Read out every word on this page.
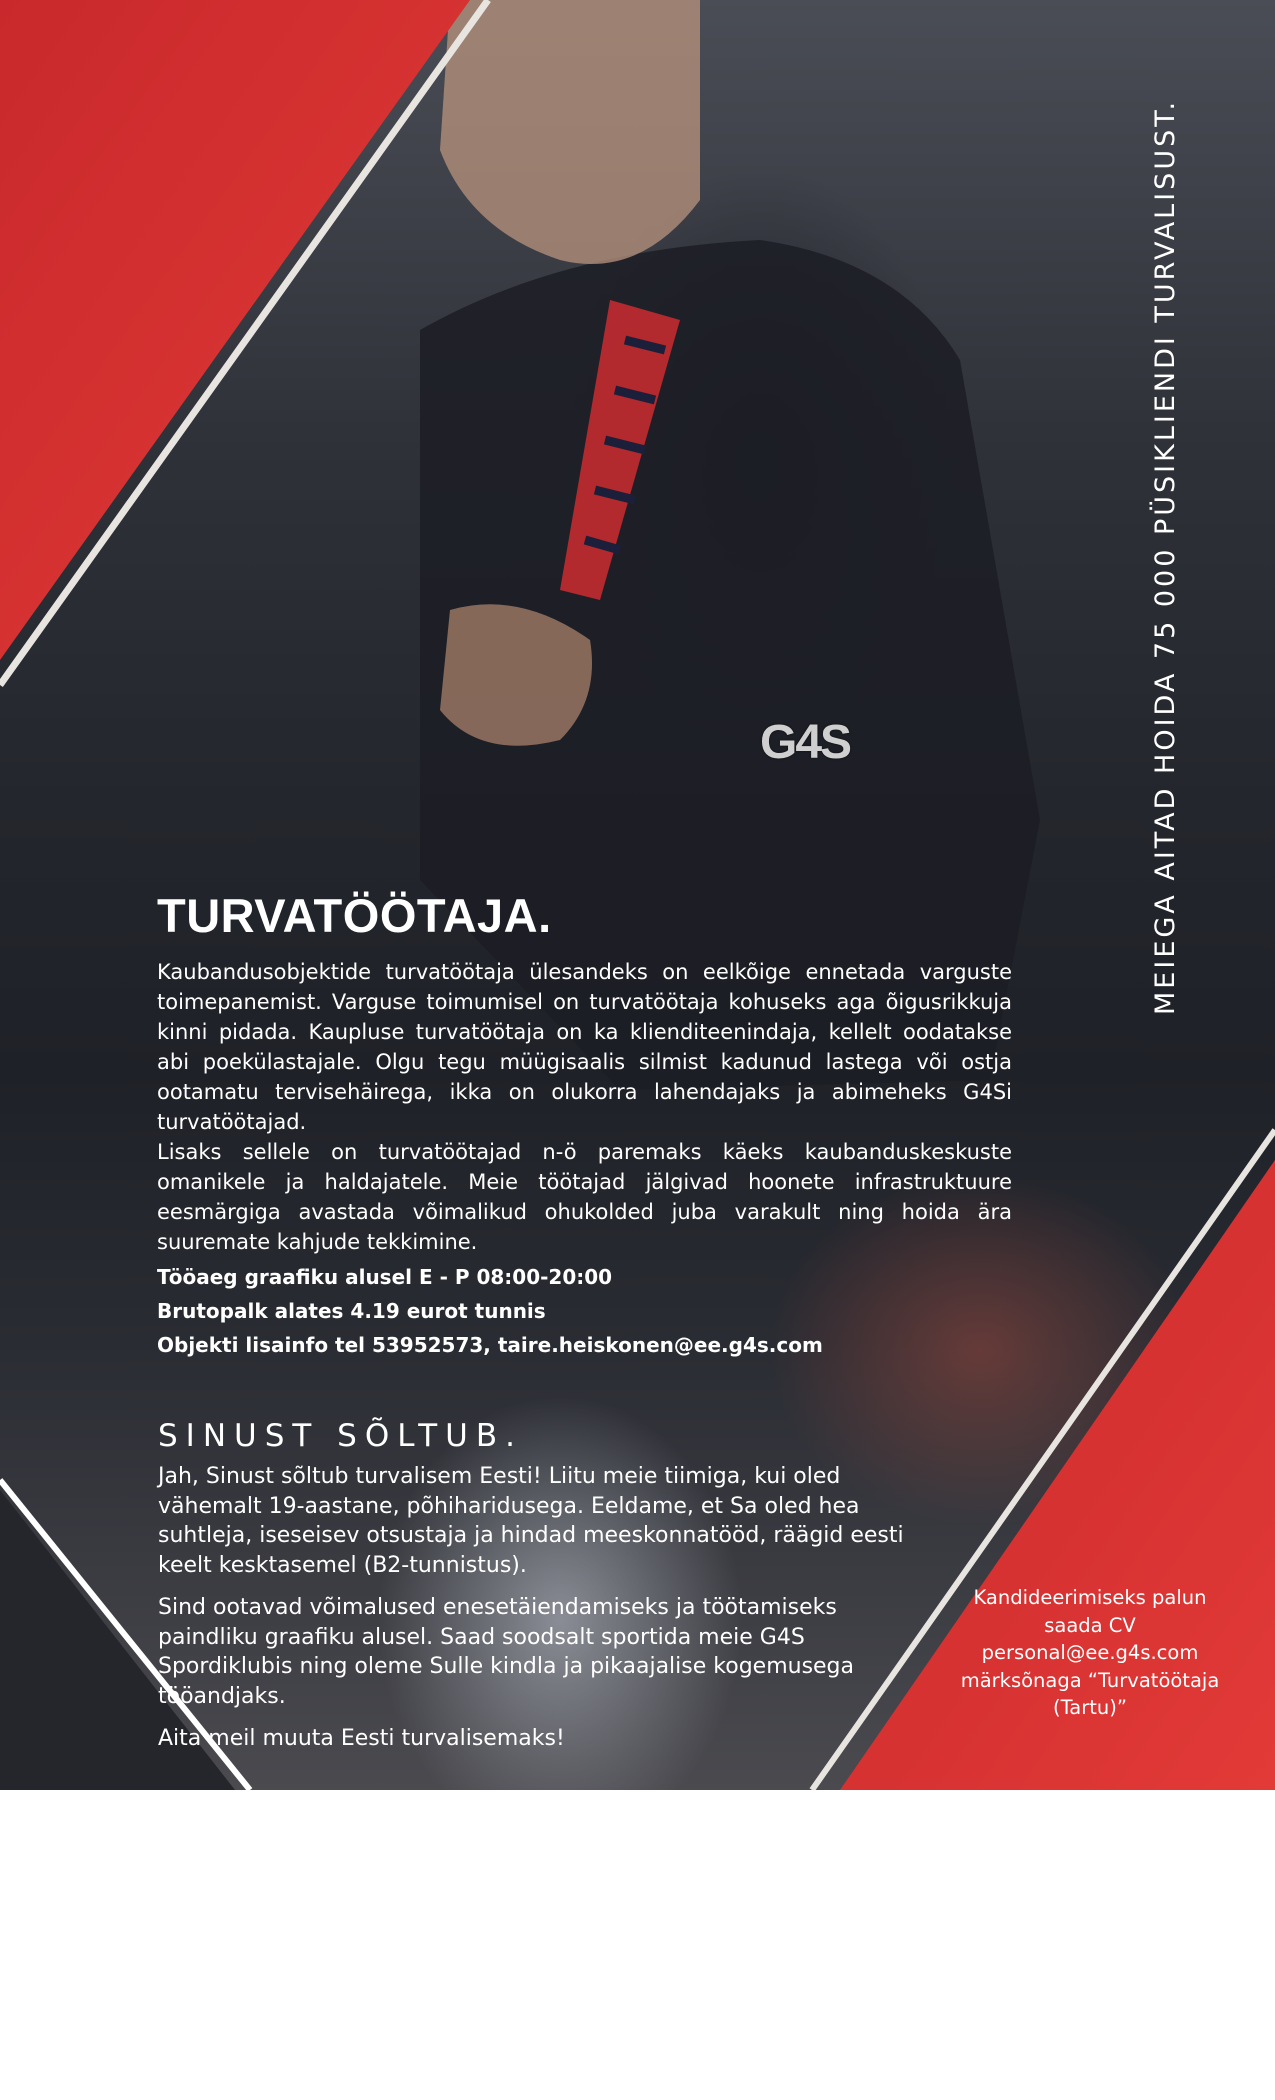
G4S	MEIEGA AITAD HOIDA 75 000 PÜSIKLIENDI TURVALISUST.
TURVATÖÖTAJA.

Kaubandusobjektide turvatöötaja ülesandeks on eelkõige ennetada varguste toimepanemist. Varguse toimumisel on turvatöötaja kohuseks aga õigusrikkuja kinni pidada. Kaupluse turvatöötaja on ka klienditeenindaja, kellelt oodatakse abi poekülastajale. Olgu tegu müügisaalis silmist kadunud lastega või ostja ootamatu tervisehäirega, ikka on olukorra lahendajaks ja abimeheks G4Si turvatöötajad.

Lisaks sellele on turvatöötajad n-ö paremaks käeks kaubanduskeskuste omanikele ja haldajatele. Meie töötajad jälgivad hoonete infrastruktuure eesmärgiga avastada võimalikud ohukolded juba varakult ning hoida ära suuremate kahjude tekkimine.

Tööaeg graafiku alusel E - P 08:00-20:00
Brutopalk alates 4.19 eurot tunnis
Objekti lisainfo tel 53952573, taire.heiskonen@ee.g4s.com
SINUST SÕLTUB.

Jah, Sinust sõltub turvalisem Eesti! Liitu meie tiimiga, kui oled vähemalt 19-aastane, põhiharidusega. Eeldame, et Sa oled hea suhtleja, iseseisev otsustaja ja hindad meeskonnatööd, räägid eesti keelt kesktasemel (B2-tunnistus).

Sind ootavad võimalused enesetäiendamiseks ja töötamiseks paindliku graafiku alusel. Saad soodsalt sportida meie G4S Spordiklubis ning oleme Sulle kindla ja pikaajalise kogemusega tööandjaks.

Aita meil muuta Eesti turvalisemaks!

Kandideerimiseks palun
saada CV
personal@ee.g4s.com
märksõnaga “Turvatöötaja
(Tartu)”
